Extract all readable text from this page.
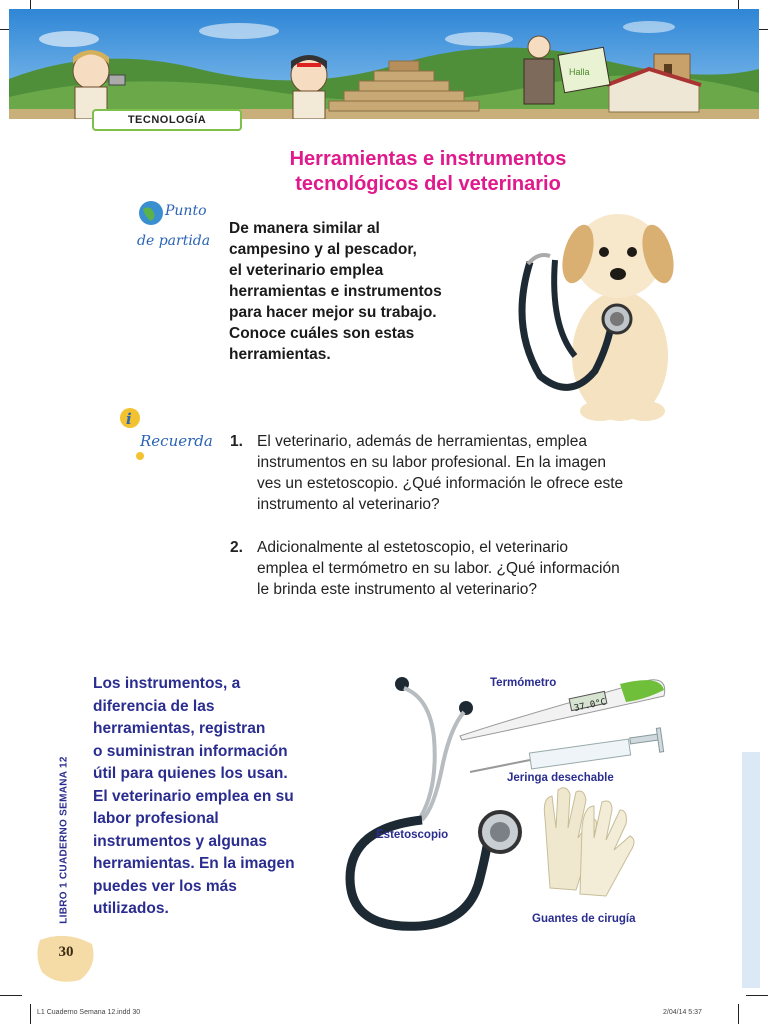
Halla
TECNOLOGÍA
Herramientas e instrumentos
tecnológicos del veterinario
Punto
de partida
De manera similar al
campesino y al pescador,
el veterinario emplea
herramientas e instrumentos
para hacer mejor su trabajo.
Conoce cuáles son estas
herramientas.
i
Recuerda 1. El veterinario, además de herramientas, emplea
instrumentos en su labor profesional. En la imagen
ves un estetoscopio. ¿Qué información le ofrece este
instrumento al veterinario?
2. Adicionalmente al estetoscopio, el veterinario
emplea el termómetro en su labor. ¿Qué información
le brinda este instrumento al veterinario?
Los instrumentos, a
diferencia de las
herramientas, registran
o suministran información
útil para quienes los usan.
El veterinario emplea en su
labor profesional
instrumentos y algunas
herramientas. En la imagen
puedes ver los más
utilizados.
LIBRO 1 CUADERNO SEMANA 12
30
37.0°C
Termómetro
Jeringa desechable
Estetoscopio
Guantes de cirugía
L1 Cuaderno Semana 12.indd 30	2/04/14 5:37
